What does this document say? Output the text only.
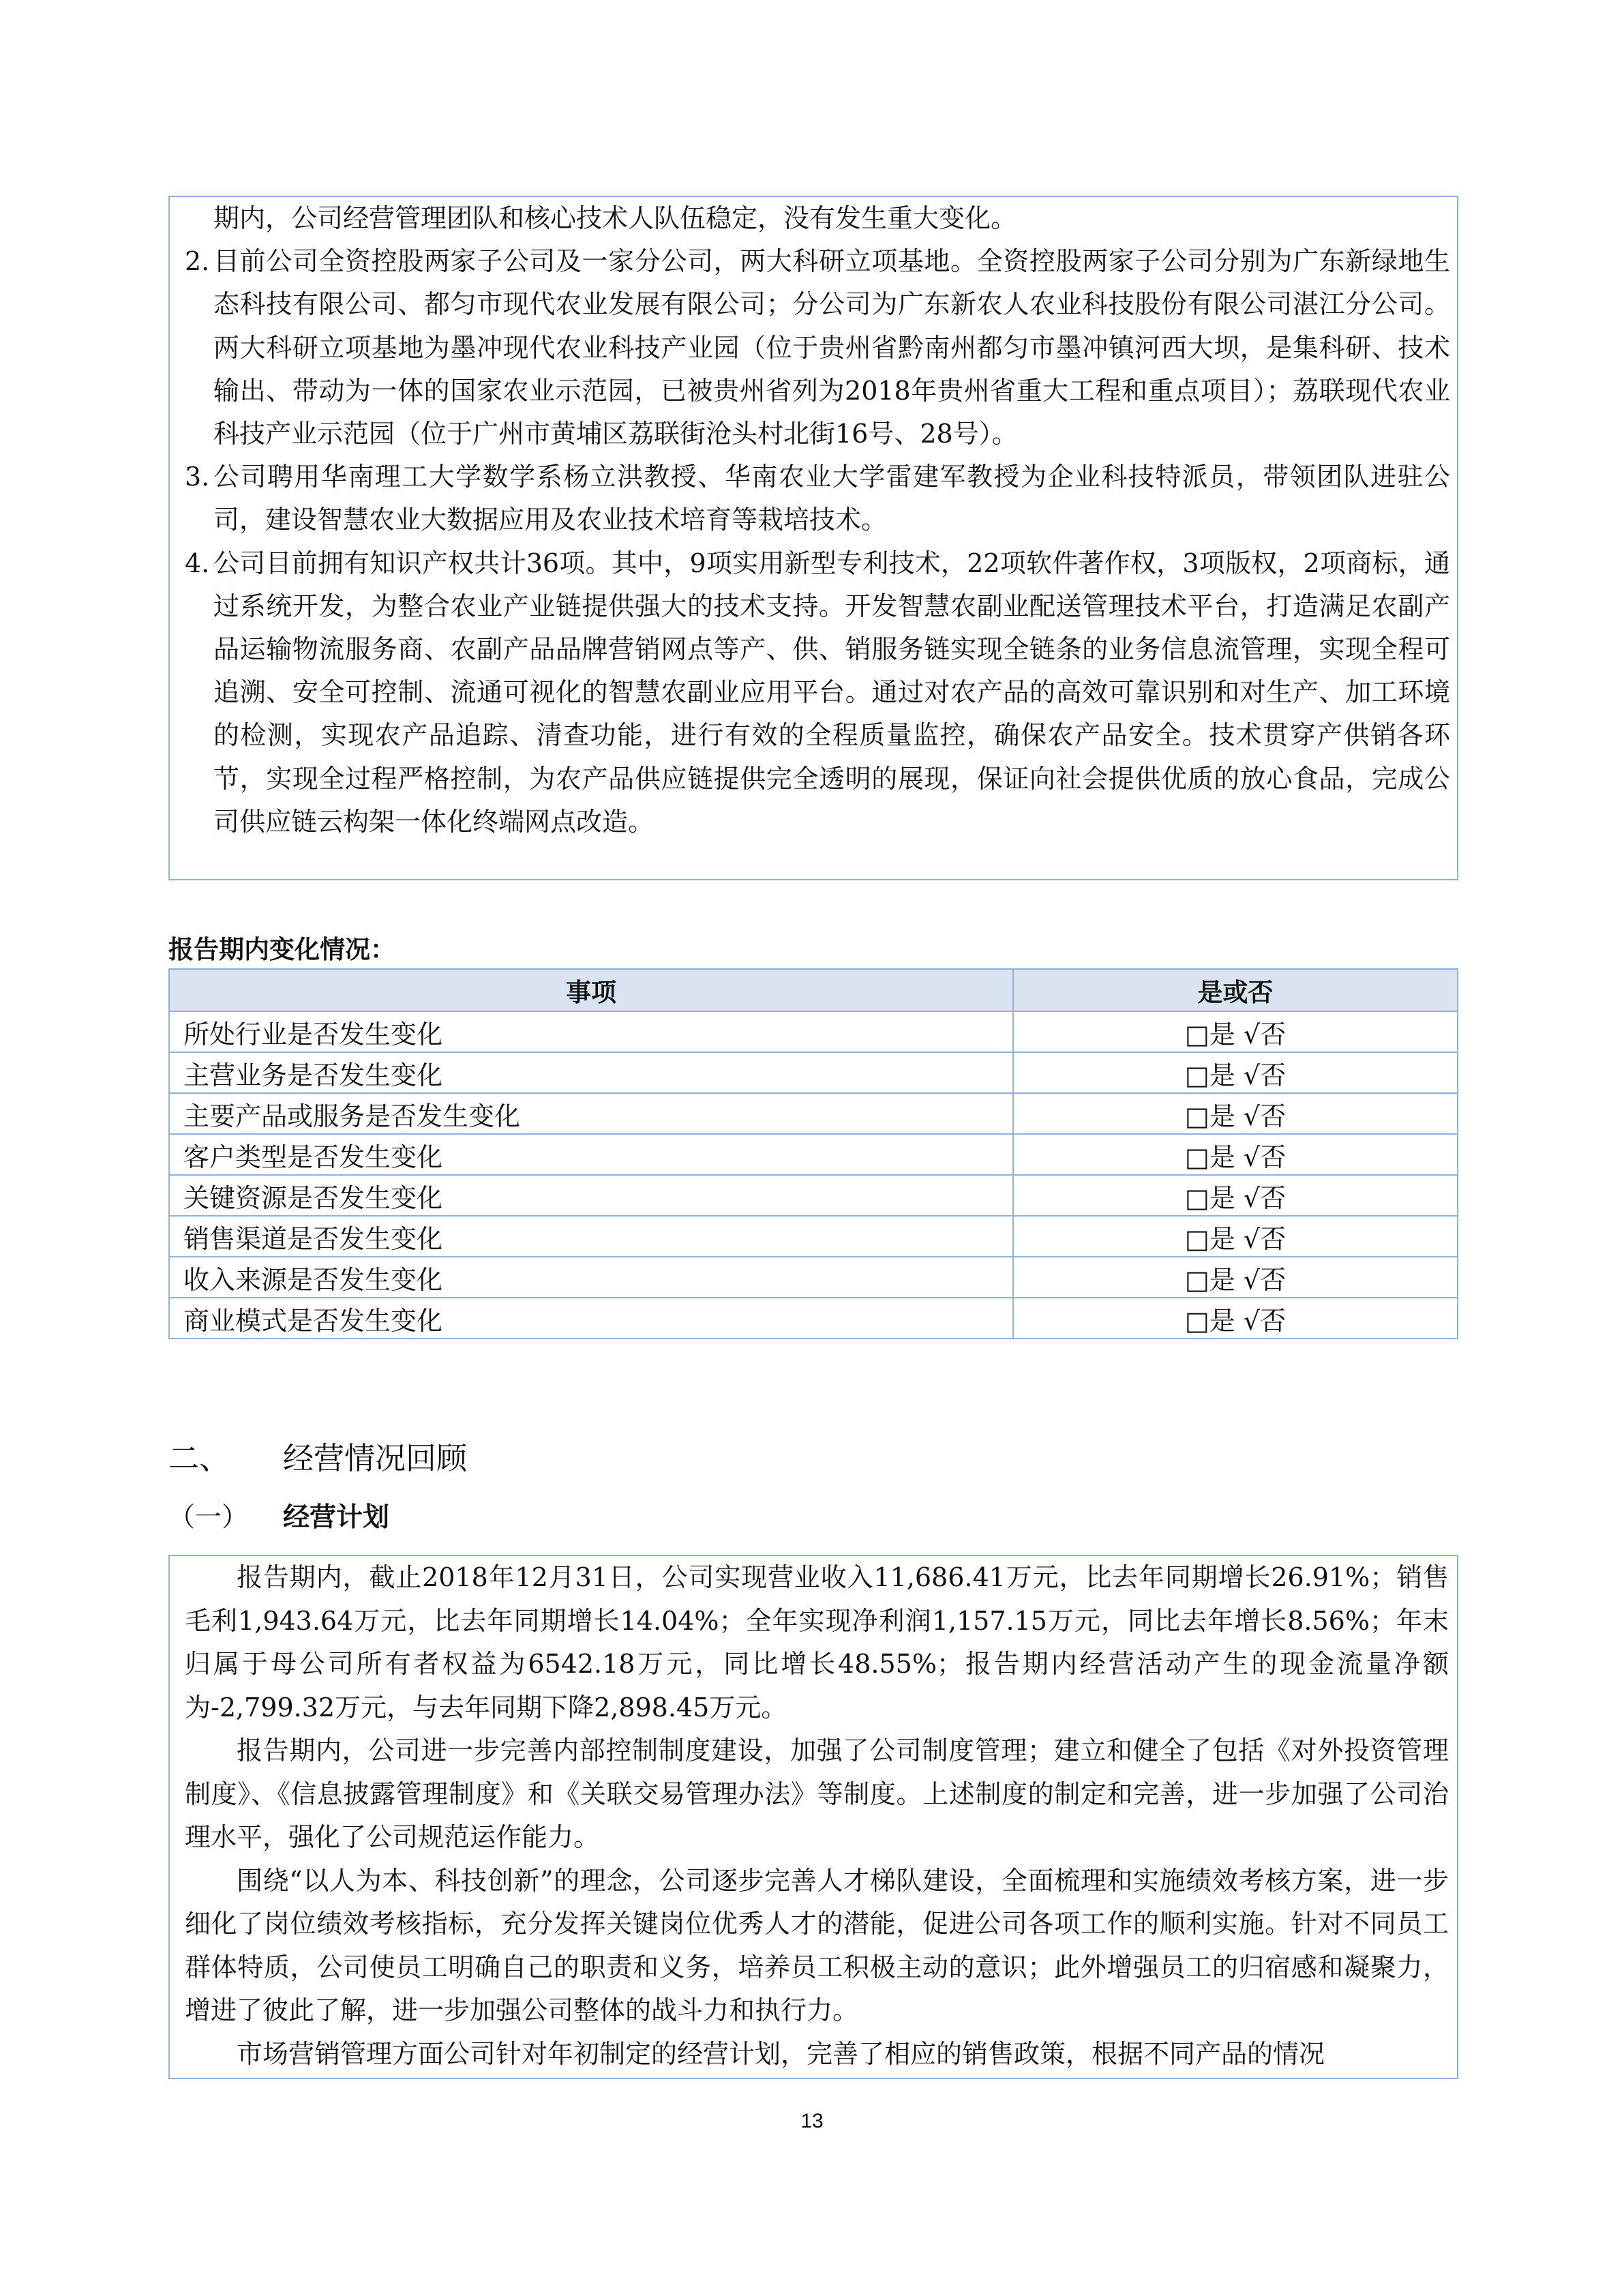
期内，公司经营管理团队和核心技术人队伍稳定，没有发生重大变化。

2. 目前公司全资控股两家子公司及一家分公司，两大科研立项基地。全资控股两家子公司分别为广东新绿地生态科技有限公司、都匀市现代农业发展有限公司；分公司为广东新农人农业科技股份有限公司湛江分公司。两大科研立项基地为墨冲现代农业科技产业园（位于贵州省黔南州都匀市墨冲镇河西大坝，是集科研、技术输出、带动为一体的国家农业示范园，已被贵州省列为2018年贵州省重大工程和重点项目）；荔联现代农业科技产业示范园（位于广州市黄埔区荔联街沧头村北街16号、28号）。
3. 公司聘用华南理工大学数学系杨立洪教授、华南农业大学雷建军教授为企业科技特派员，带领团队进驻公司，建设智慧农业大数据应用及农业技术培育等栽培技术。
4. 公司目前拥有知识产权共计36项。其中，9项实用新型专利技术，22项软件著作权，3项版权，2项商标，通过系统开发，为整合农业产业链提供强大的技术支持。开发智慧农副业配送管理技术平台，打造满足农副产品运输物流服务商、农副产品品牌营销网点等产、供、销服务链实现全链条的业务信息流管理，实现全程可追溯、安全可控制、流通可视化的智慧农副业应用平台。通过对农产品的高效可靠识别和对生产、加工环境的检测，实现农产品追踪、清查功能，进行有效的全程质量监控，确保农产品安全。技术贯穿产供销各环节，实现全过程严格控制，为农产品供应链提供完全透明的展现，保证向社会提供优质的放心食品，完成公司供应链云构架一体化终端网点改造。
报告期内变化情况：
事项	是或否
所处行业是否发生变化	□是 √否
主营业务是否发生变化	□是 √否
主要产品或服务是否发生变化	□是 √否
客户类型是否发生变化	□是 √否
关键资源是否发生变化	□是 √否
销售渠道是否发生变化	□是 √否
收入来源是否发生变化	□是 √否
商业模式是否发生变化	□是 √否
二、 经营情况回顾
（一） 经营计划

报告期内，截止2018年12月31日，公司实现营业收入11,686.41万元，比去年同期增长26.91%；销售毛利1,943.64万元，比去年同期增长14.04%；全年实现净利润1,157.15万元，同比去年增长8.56%；年末归属于母公司所有者权益为6542.18万元，同比增长48.55%；报告期内经营活动产生的现金流量净额为-2,799.32万元，与去年同期下降2,898.45万元。

报告期内，公司进一步完善内部控制制度建设，加强了公司制度管理；建立和健全了包括《对外投资管理制度》、《信息披露管理制度》和《关联交易管理办法》等制度。上述制度的制定和完善，进一步加强了公司治理水平，强化了公司规范运作能力。

围绕“以人为本、科技创新”的理念，公司逐步完善人才梯队建设，全面梳理和实施绩效考核方案，进一步细化了岗位绩效考核指标，充分发挥关键岗位优秀人才的潜能，促进公司各项工作的顺利实施。针对不同员工群体特质，公司使员工明确自己的职责和义务，培养员工积极主动的意识；此外增强员工的归宿感和凝聚力，增进了彼此了解，进一步加强公司整体的战斗力和执行力。

市场营销管理方面公司针对年初制定的经营计划，完善了相应的销售政策，根据不同产品的情况

13
